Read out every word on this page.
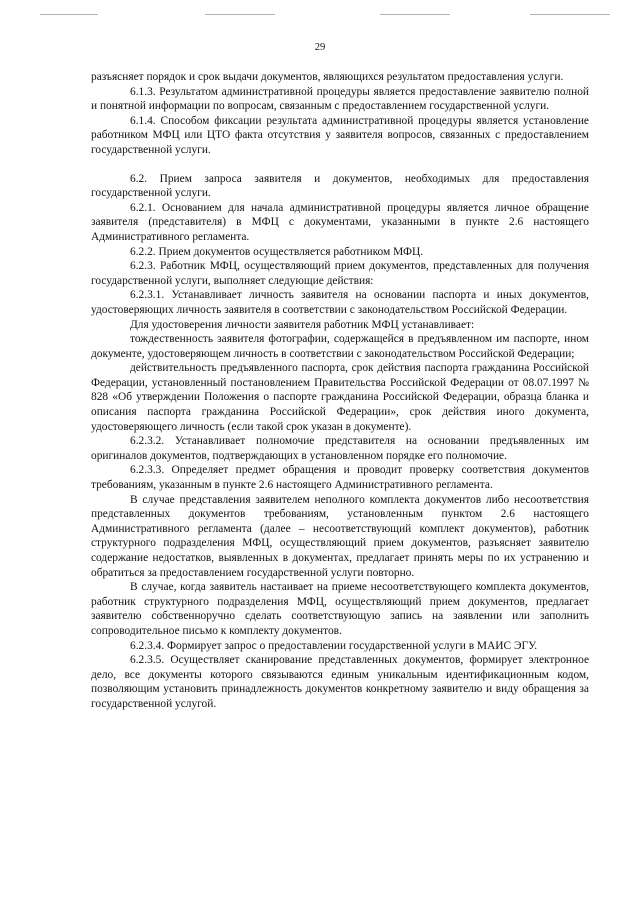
29

разъясняет порядок и срок выдачи документов, являющихся результатом предоставления услуги.

6.1.3. Результатом административной процедуры является предоставление заявителю полной и понятной информации по вопросам, связанным с предоставлением государственной услуги.

6.1.4. Способом фиксации результата административной процедуры является установление работником МФЦ или ЦТО факта отсутствия у заявителя вопросов, связанных с предоставлением государственной услуги.

6.2. Прием запроса заявителя и документов, необходимых для предоставления государственной услуги.

6.2.1. Основанием для начала административной процедуры является личное обращение заявителя (представителя) в МФЦ с документами, указанными в пункте 2.6 настоящего Административного регламента.

6.2.2. Прием документов осуществляется работником МФЦ.

6.2.3. Работник МФЦ, осуществляющий прием документов, представленных для получения государственной услуги, выполняет следующие действия:

6.2.3.1. Устанавливает личность заявителя на основании паспорта и иных документов, удостоверяющих личность заявителя в соответствии с законодательством Российской Федерации.

Для удостоверения личности заявителя работник МФЦ устанавливает:

тождественность заявителя фотографии, содержащейся в предъявленном им паспорте, ином документе, удостоверяющем личность в соответствии с законодательством Российской Федерации;

действительность предъявленного паспорта, срок действия паспорта гражданина Российской Федерации, установленный постановлением Правительства Российской Федерации от 08.07.1997 № 828 «Об утверждении Положения о паспорте гражданина Российской Федерации, образца бланка и описания паспорта гражданина Российской Федерации», срок действия иного документа, удостоверяющего личность (если такой срок указан в документе).

6.2.3.2. Устанавливает полномочие представителя на основании предъявленных им оригиналов документов, подтверждающих в установленном порядке его полномочие.

6.2.3.3. Определяет предмет обращения и проводит проверку соответствия документов требованиям, указанным в пункте 2.6 настоящего Административного регламента.

В случае представления заявителем неполного комплекта документов либо несоответствия представленных документов требованиям, установленным пунктом 2.6 настоящего Административного регламента (далее – несоответствующий комплект документов), работник структурного подразделения МФЦ, осуществляющий прием документов, разъясняет заявителю содержание недостатков, выявленных в документах, предлагает принять меры по их устранению и обратиться за предоставлением государственной услуги повторно.

В случае, когда заявитель настаивает на приеме несоответствующего комплекта документов, работник структурного подразделения МФЦ, осуществляющий прием документов, предлагает заявителю собственноручно сделать соответствующую запись на заявлении или заполнить сопроводительное письмо к комплекту документов.

6.2.3.4. Формирует запрос о предоставлении государственной услуги в МАИС ЭГУ.

6.2.3.5. Осуществляет сканирование представленных документов, формирует электронное дело, все документы которого связываются единым уникальным идентификационным кодом, позволяющим установить принадлежность документов конкретному заявителю и виду обращения за государственной услугой.
